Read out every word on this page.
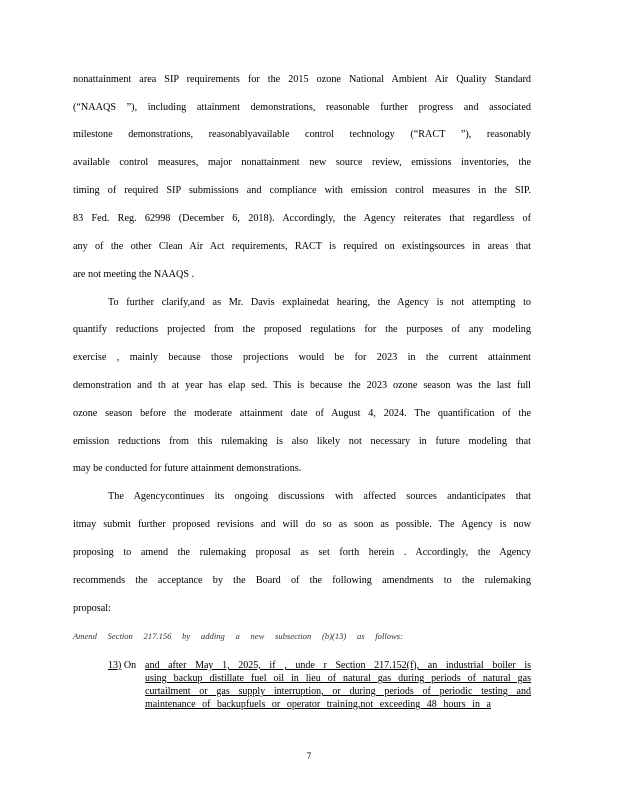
nonattainment area SIP requirements for the 2015 ozone National Ambient Air Quality Standard
(“NAAQS ”), including attainment demonstrations, reasonable further progress and associated
milestone demonstrations, reasonablyavailable control technology (“RACT ”), reasonably
available control measures, major nonattainment new source review, emissions inventories, the
timing of required SIP submissions and compliance with emission control measures in the SIP.
83 Fed. Reg. 62998 (December 6, 2018). Accordingly, the Agency reiterates that regardless of
any of the other Clean Air Act requirements, RACT is required on existingsources in areas that
are not meeting the NAAQS .
To further clarify,and as Mr. Davis explainedat hearing, the Agency is not attempting to
quantify reductions projected from the proposed regulations for the purposes of any modeling
exercise , mainly because those projections would be for 2023 in the current attainment
demonstration and th at year has elap sed. This is because the 2023 ozone season was the last full
ozone season before the moderate attainment date of August 4, 2024. The quantification of the
emission reductions from this rulemaking is also likely not necessary in future modeling that
may be conducted for future attainment demonstrations.
The Agencycontinues its ongoing discussions with affected sources andanticipates that
itmay submit further proposed revisions and will do so as soon as possible. The Agency is now
proposing to amend the rulemaking proposal as set forth herein . Accordingly, the Agency
recommends the acceptance by the Board of the following amendments to the rulemaking
proposal:
Amend Section 217.156 by adding a new subsection (b)(13) as follows:
13) On and after May 1, 2025, if , unde r Section 217.152(f), an industrial boiler is
using backup distillate fuel oil in lieu of natural gas during periods of natural gas
curtailment or gas supply interruption, or during periods of periodic testing and
maintenance of backupfuels or operator training,not exceeding 48 hours in a
7
